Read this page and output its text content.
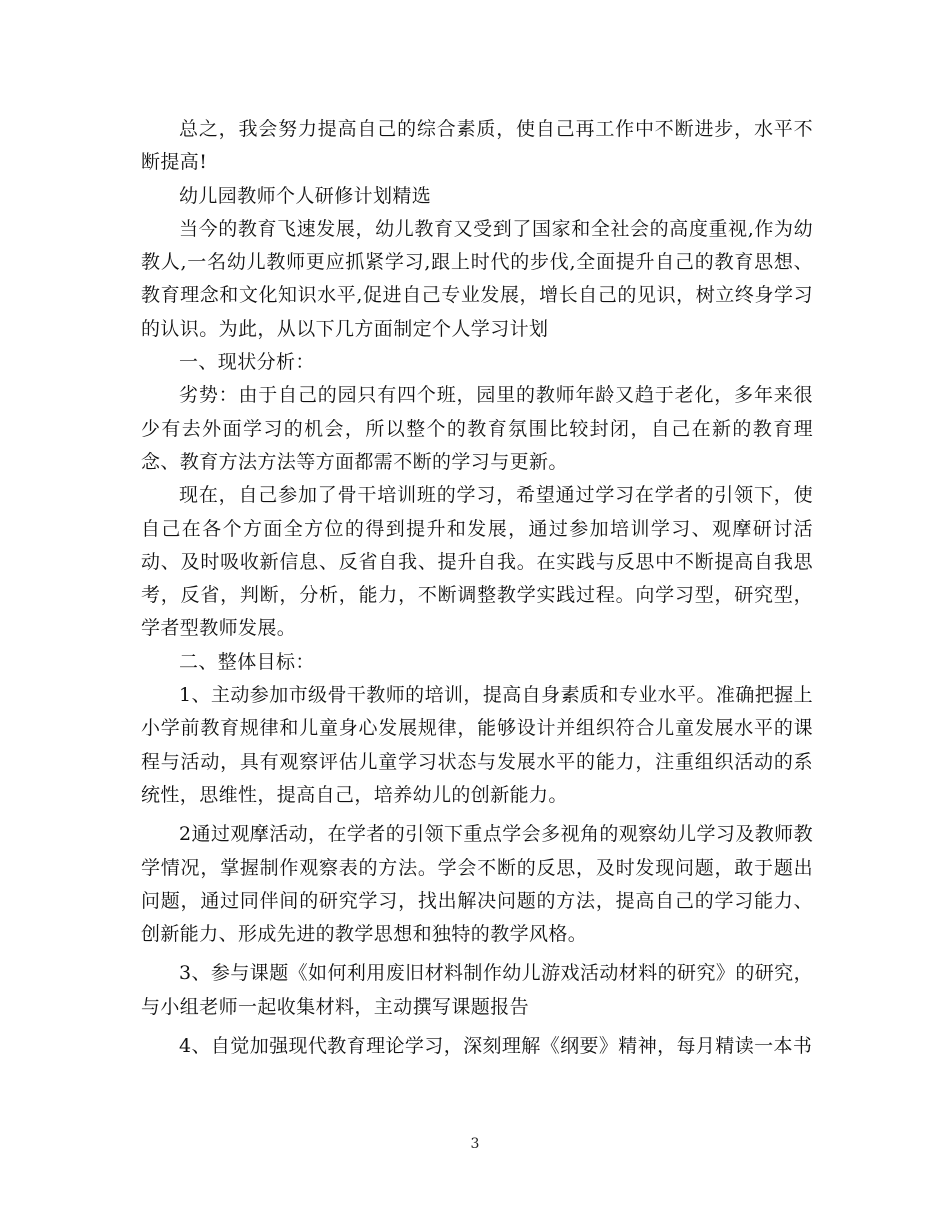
总之，我会努力提高自己的综合素质，使自己再工作中不断进步，水平不断提高!

幼儿园教师个人研修计划精选

当今的教育飞速发展，幼儿教育又受到了国家和全社会的高度重视,作为幼教人,一名幼儿教师更应抓紧学习,跟上时代的步伐,全面提升自己的教育思想、教育理念和文化知识水平,促进自己专业发展，增长自己的见识，树立终身学习的认识。为此，从以下几方面制定个人学习计划

一、现状分析：

劣势：由于自己的园只有四个班，园里的教师年龄又趋于老化，多年来很少有去外面学习的机会，所以整个的教育氛围比较封闭，自己在新的教育理念、教育方法方法等方面都需不断的学习与更新。

现在，自己参加了骨干培训班的学习，希望通过学习在学者的引领下，使自己在各个方面全方位的得到提升和发展，通过参加培训学习、观摩研讨活动、及时吸收新信息、反省自我、提升自我。在实践与反思中不断提高自我思考，反省，判断，分析，能力，不断调整教学实践过程。向学习型，研究型，学者型教师发展。

二、整体目标：

1、主动参加市级骨干教师的培训，提高自身素质和专业水平。准确把握上小学前教育规律和儿童身心发展规律，能够设计并组织符合儿童发展水平的课程与活动，具有观察评估儿童学习状态与发展水平的能力，注重组织活动的系统性，思维性，提高自己，培养幼儿的创新能力。

2通过观摩活动，在学者的引领下重点学会多视角的观察幼儿学习及教师教学情况，掌握制作观察表的方法。学会不断的反思，及时发现问题，敢于题出问题，通过同伴间的研究学习，找出解决问题的方法，提高自己的学习能力、创新能力、形成先进的教学思想和独特的教学风格。

3、参与课题《如何利用废旧材料制作幼儿游戏活动材料的研究》的研究，与小组老师一起收集材料，主动撰写课题报告

4、自觉加强现代教育理论学习，深刻理解《纲要》精神，每月精读一本书

3
